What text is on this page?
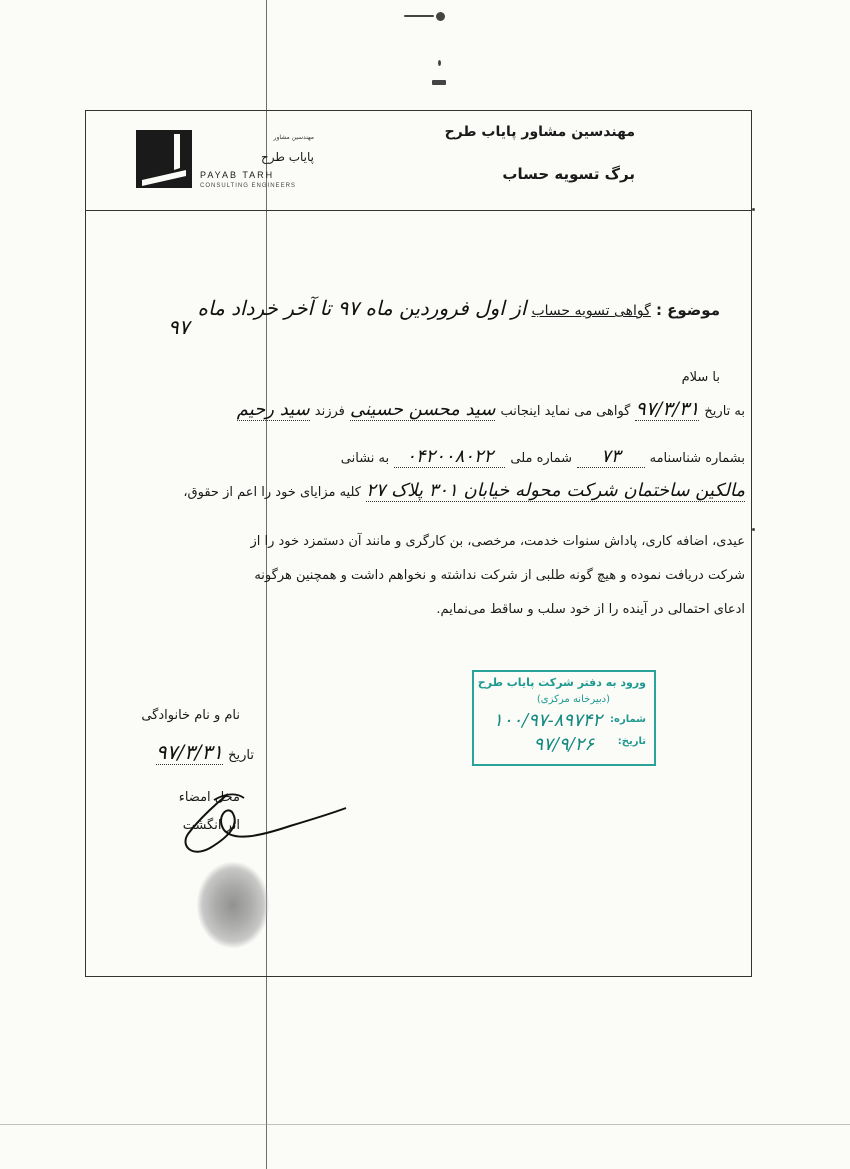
مهندسین مشاور
پایاب طرح
PAYAB TARH
CONSULTING ENGINEERS
مهندسین مشاور پایاب طرح
برگ تسویه حساب
موضوع : گواهی تسویه حساب از اول فروردین ماه ۹۷ تا آخر خرداد ماه
۹۷
با سلام
به تاریخ ۹۷/۳/۳۱ گواهی می نماید اینجانب سید محسن حسینی فرزند سید رحیم
بشماره شناسنامه ۷۳ شماره ملی ۰۴۲۰۰۸۰۲۲ به نشانی
مالکین ساختمان شرکت محوله خیابان ۳۰۱ پلاک ۲۷ کلیه مزایای خود را اعم از حقوق،
عیدی، اضافه کاری، پاداش سنوات خدمت، مرخصی، بن کارگری و مانند آن دستمزد خود را از
شرکت دریافت نموده و هیچ گونه طلبی از شرکت نداشته و نخواهم داشت و همچنین هرگونه
ادعای احتمالی در آینده را از خود سلب و ساقط می‌نمایم.
ورود به دفتر شرکت پایاب طرح
(دبیرخانه مرکزی)
شماره:
۱۰۰/۹۷-۸۹۷۴۲
تاریخ:
۹۷/۹/۲۶
نام و نام خانوادگی
تاریخ ۹۷/۳/۳۱
محل امضاء
اثر انگشت
